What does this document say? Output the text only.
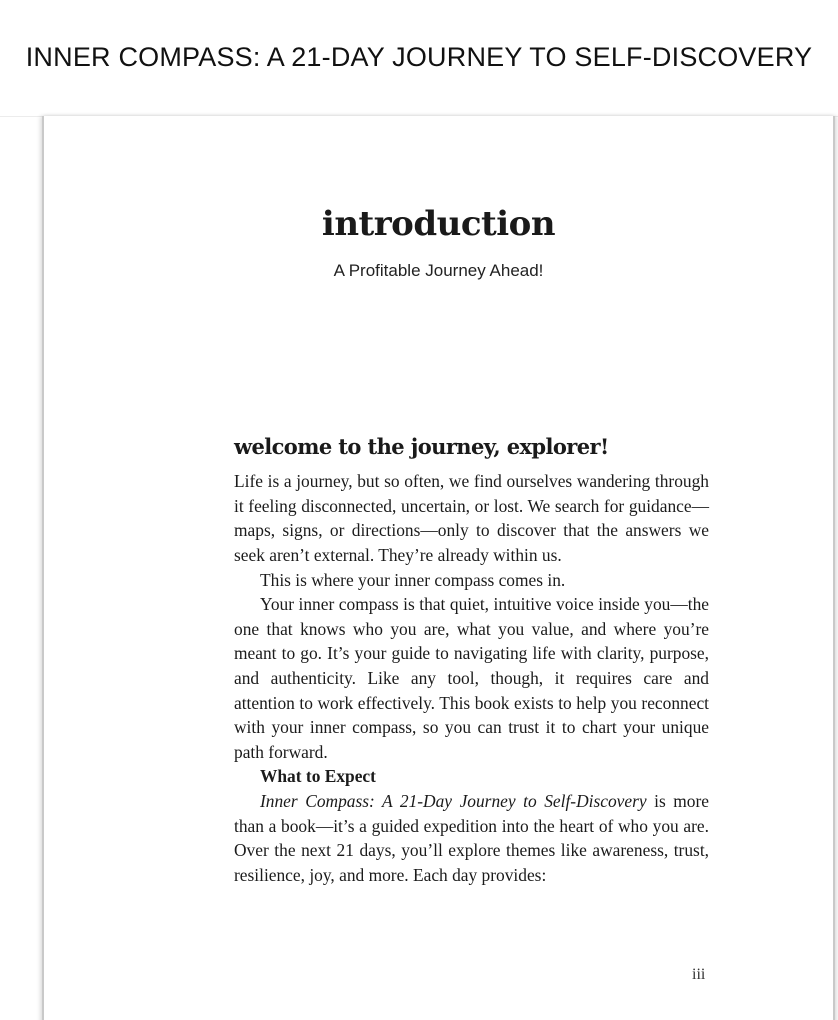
INNER COMPASS: A 21-DAY JOURNEY TO SELF-DISCOVERY
introduction
A Profitable Journey Ahead!
welcome to the journey, explorer!

Life is a journey, but so often, we find ourselves wandering through it feeling disconnected, uncertain, or lost. We search for guidance—maps, signs, or directions—only to discover that the answers we seek aren’t external. They’re already within us.

This is where your inner compass comes in.

Your inner compass is that quiet, intuitive voice inside you—the one that knows who you are, what you value, and where you’re meant to go. It’s your guide to navigating life with clarity, purpose, and authenticity. Like any tool, though, it requires care and attention to work effectively. This book exists to help you reconnect with your inner compass, so you can trust it to chart your unique path forward.

What to Expect

Inner Compass: A 21-Day Journey to Self-Discovery is more than a book—it’s a guided expedition into the heart of who you are. Over the next 21 days, you’ll explore themes like awareness, trust, resilience, joy, and more. Each day provides:

iii
